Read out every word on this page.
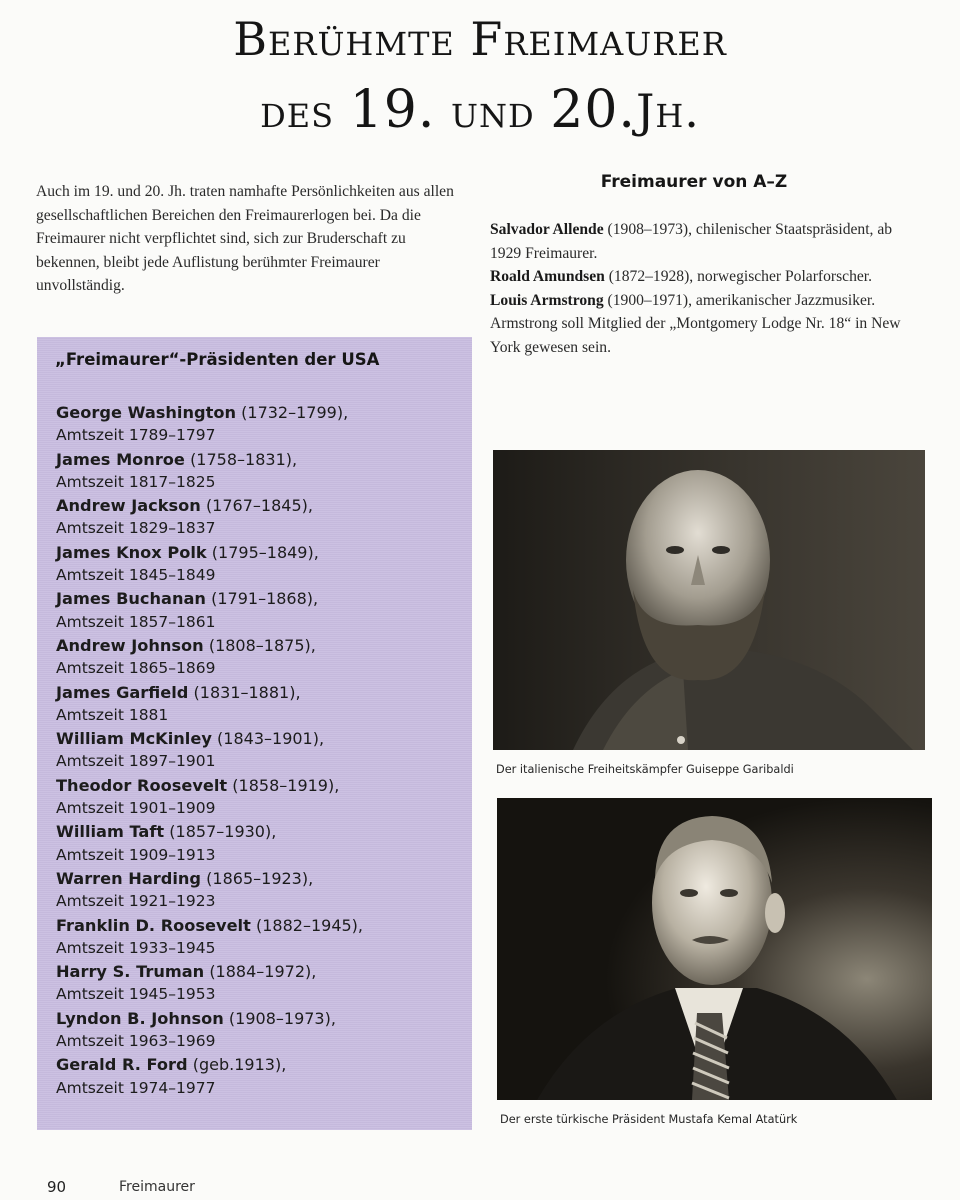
Berühmte Freimaurer
des 19. und 20.Jh.
Auch im 19. und 20. Jh. traten namhafte Persönlichkeiten aus allen gesellschaftlichen Bereichen den Freimaurerlogen bei. Da die Freimaurer nicht verpflichtet sind, sich zur Bruderschaft zu bekennen, bleibt jede Auflistung berühmter Freimaurer unvollständig.
„Freimaurer“-Präsidenten der USA
George Washington (1732–1799),
Amtszeit 1789–1797
James Monroe (1758–1831),
Amtszeit 1817–1825
Andrew Jackson (1767–1845),
Amtszeit 1829–1837
James Knox Polk (1795–1849),
Amtszeit 1845–1849
James Buchanan (1791–1868),
Amtszeit 1857–1861
Andrew Johnson (1808–1875),
Amtszeit 1865–1869
James Garfield (1831–1881),
Amtszeit 1881
William McKinley (1843–1901),
Amtszeit 1897–1901
Theodor Roosevelt (1858–1919),
Amtszeit 1901–1909
William Taft (1857–1930),
Amtszeit 1909–1913
Warren Harding (1865–1923),
Amtszeit 1921–1923
Franklin D. Roosevelt (1882–1945),
Amtszeit 1933–1945
Harry S. Truman (1884–1972),
Amtszeit 1945–1953
Lyndon B. Johnson (1908–1973),
Amtszeit 1963–1969
Gerald R. Ford (geb.1913),
Amtszeit 1974–1977
Freimaurer von A–Z
Salvador Allende (1908–1973), chilenischer Staatspräsident, ab 1929 Freimaurer.
Roald Amundsen (1872–1928), norwegischer Polarforscher.
Louis Armstrong (1900–1971), amerikanischer Jazzmusiker. Armstrong soll Mitglied der „Montgomery Lodge Nr. 18“ in New York gewesen sein.
Der italienische Freiheitskämpfer Guiseppe Garibaldi
Der erste türkische Präsident Mustafa Kemal Atatürk
90	Freimaurer
